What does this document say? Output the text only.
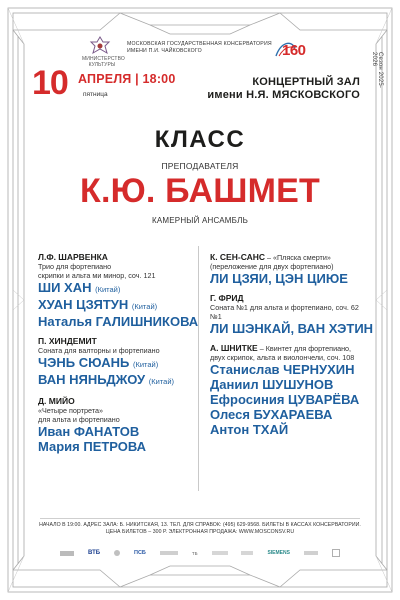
МИНИСТЕРСТВО КУЛЬТУРЫ
МОСКОВСКАЯ ГОСУДАРСТВЕННАЯ КОНСЕРВАТОРИЯ
ИМЕНИ П.И. ЧАЙКОВСКОГО	160
Сезон 2025-2026
10 АПРЕЛЯ | 18:00
пятница
КОНЦЕРТНЫЙ ЗАЛ
имени Н.Я. МЯСКОВСКОГО
КЛАСС
ПРЕПОДАВАТЕЛЯ
К.Ю. БАШМЕТ
КАМЕРНЫЙ АНСАМБЛЬ
Л.Ф. ШАРВЕНКА
Трио для фортепиано
скрипки и альта ми минор, соч. 121
ШИ ХАН (Китай)
ХУАН ЦЗЯТУН (Китай)
Наталья ГАЛИШНИКОВА
П. ХИНДЕМИТ
Соната для валторны и фортепиано
ЧЭНЬ СЮАНЬ (Китай)
ВАН НЯНЬДЖОУ (Китай)
Д. МИЙО
«Четыре портрета»
для альта и фортепиано
Иван ФАНАТОВ
Мария ПЕТРОВА
К. СЕН-САНС – «Пляска смерти»
(переложение для двух фортепиано)
ЛИ ЦЗЯИ, ЦЭН ЦИЮЕ
Г. ФРИД
Соната №1 для альта и фортепиано, соч. 62 №1
ЛИ ШЭНКАЙ, ВАН ХЭТИН
А. ШНИТКЕ – Квинтет для фортепиано,
двух скрипок, альта и виолончели, соч. 108
Станислав ЧЕРНУХИН
Даниил ШУШУНОВ
Ефросиния ЦУВАРЁВА
Олеся БУХАРАЕВА
Антон ТХАЙ
НАЧАЛО В 19:00. АДРЕС ЗАЛА: Б. НИКИТСКАЯ, 13. ТЕЛ. ДЛЯ СПРАВОК: (495) 629-9568. БИЛЕТЫ В КАССАХ КОНСЕРВАТОРИИ.
ЦЕНА БИЛЕТОВ – 300 Р. ЭЛЕКТРОННАЯ ПРОДАЖА: WWW.MOSCONSV.RU
ВТБ	ПСБ	ТБ	SIEMENS
